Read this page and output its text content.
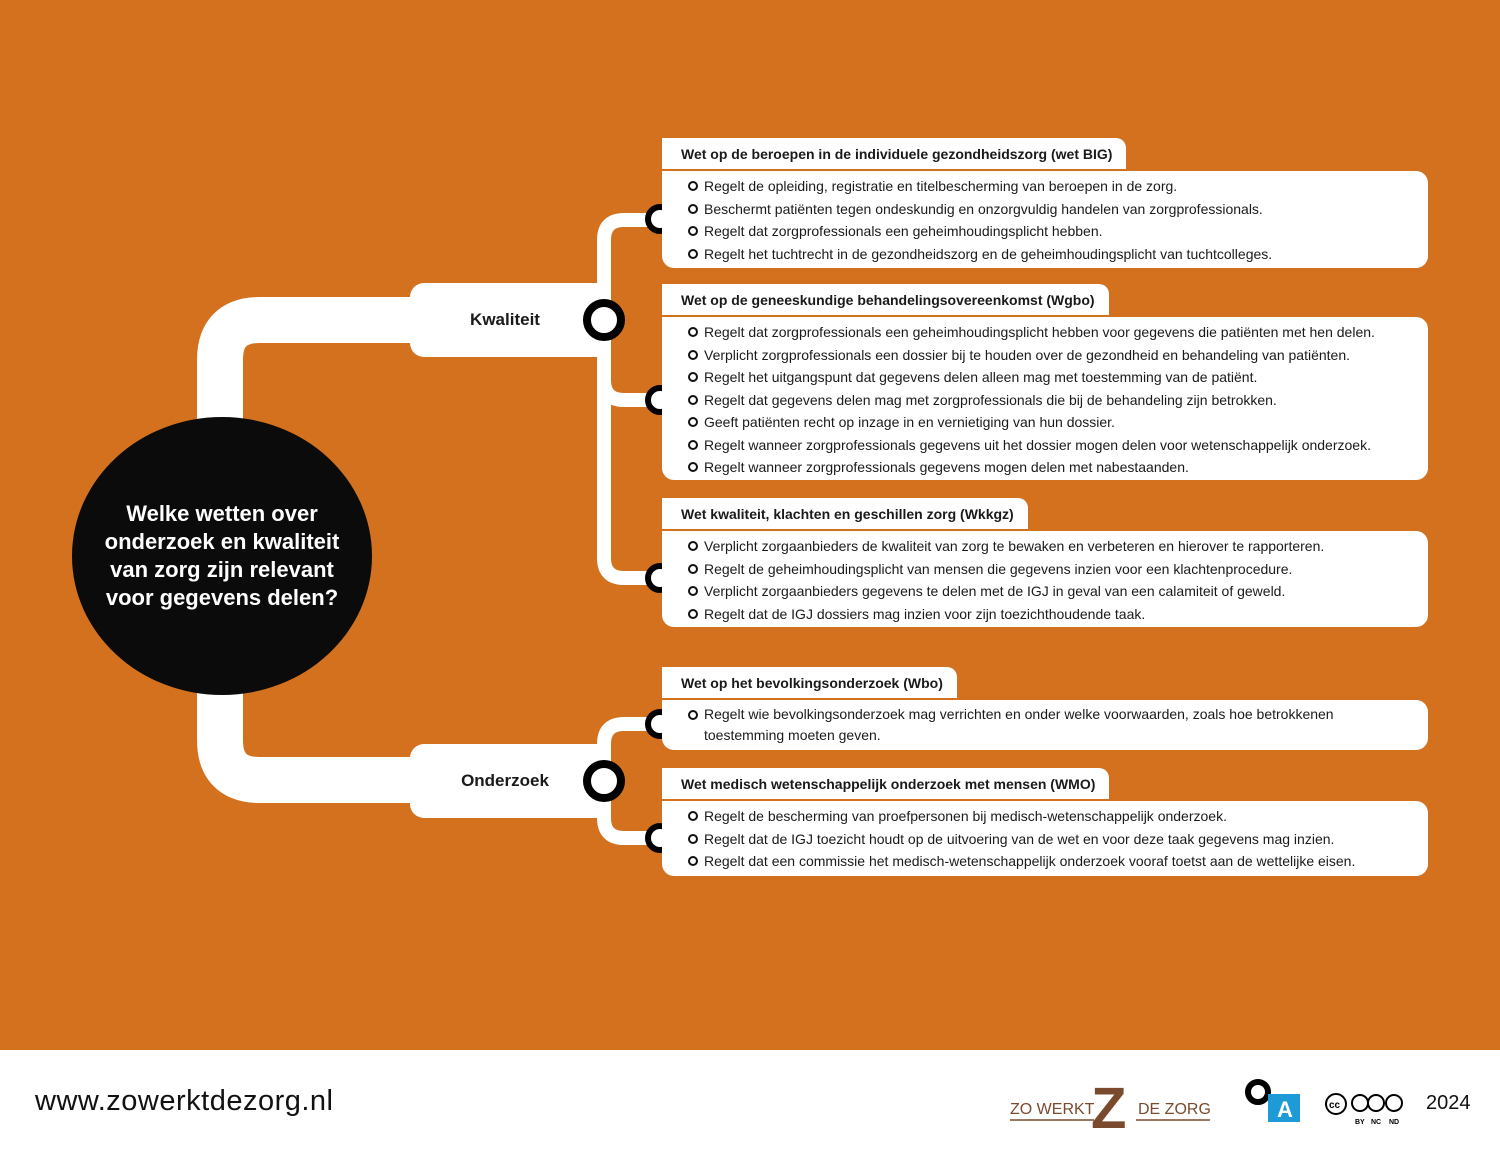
Welke wetten over onderzoek en kwaliteit van zorg zijn relevant voor gegevens delen?
Kwaliteit
Onderzoek
Wet op de beroepen in de individuele gezondheidszorg (wet BIG)
Regelt de opleiding, registratie en titelbescherming van beroepen in de zorg.
Beschermt patiënten tegen ondeskundig en onzorgvuldig handelen van zorgprofessionals.
Regelt dat zorgprofessionals een geheimhoudingsplicht hebben.
Regelt het tuchtrecht in de gezondheidszorg en de geheimhoudingsplicht van tuchtcolleges.
Wet op de geneeskundige behandelingsovereenkomst (Wgbo)
Regelt dat zorgprofessionals een geheimhoudingsplicht hebben voor gegevens die patiënten met hen delen.
Verplicht zorgprofessionals een dossier bij te houden over de gezondheid en behandeling van patiënten.
Regelt het uitgangspunt dat gegevens delen alleen mag met toestemming van de patiënt.
Regelt dat gegevens delen mag met zorgprofessionals die bij de behandeling zijn betrokken.
Geeft patiënten recht op inzage in en vernietiging van hun dossier.
Regelt wanneer zorgprofessionals gegevens uit het dossier mogen delen voor wetenschappelijk onderzoek.
Regelt wanneer zorgprofessionals gegevens mogen delen met nabestaanden.
Wet kwaliteit, klachten en geschillen zorg (Wkkgz)
Verplicht zorgaanbieders de kwaliteit van zorg te bewaken en verbeteren en hierover te rapporteren.
Regelt de geheimhoudingsplicht van mensen die gegevens inzien voor een klachtenprocedure.
Verplicht zorgaanbieders gegevens te delen met de IGJ in geval van een calamiteit of geweld.
Regelt dat de IGJ dossiers mag inzien voor zijn toezichthoudende taak.
Wet op het bevolkingsonderzoek (Wbo)
Regelt wie bevolkingsonderzoek mag verrichten en onder welke voorwaarden, zoals hoe betrokkenen toestemming moeten geven.
Wet medisch wetenschappelijk onderzoek met mensen (WMO)
Regelt de bescherming van proefpersonen bij medisch-wetenschappelijk onderzoek.
Regelt dat de IGJ toezicht houdt op de uitvoering van de wet en voor deze taak gegevens mag inzien.
Regelt dat een commissie het medisch-wetenschappelijk onderzoek vooraf toetst aan de wettelijke eisen.
www.zowerktdezorg.nl	ZO WERKT
Z DE ZORG	A	cc
BY NC ND
2024
